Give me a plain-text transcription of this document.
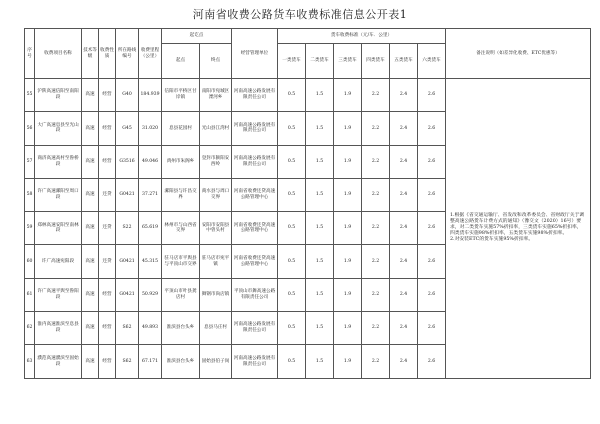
河南省收费公路货车收费标准信息公开表1
序号	收费项目名称	技术等级	收费性质	所在路线编号	收费里程（公里）	起讫点		经营管理单位	货车收费标准（元/车．公里）						备注说明（如差异化收费、ETC优惠等）
						起点	终点		一类货车	二类货车	三类货车	四类货车	五类货车	六类货车	
55	沪陕高速信阳至南阳段	高速	经营	G40	184.939	信阳市平桥区甘岸镇	南阳市宛城区溧河乡	河南高速公路发展有限责任公司	0.5	1.5	1.9	2.2	2.4	2.6	1.根据《省交通运输厅、省发改和改革委员会、省财政厅关于调整高速公路货车计费方式的通知》（豫交文（2020）16号）要求，对二类货车实施57%折扣率，三类货车实施65%折扣率，四类货车实施98%折扣率，五类货车实施98%折扣率。
2.对安装ETC的货车实施95%折扣率。

56	大广高速息县至光山段	高速	经营	G45	31.020	息县花园村	光山县江湾村	河南高速公路发展有限责任公司	0.5	1.5	1.9	2.2	2.4	2.6	
57	商济高速高村至鲁桥段	高速	经营	G3516	49.046	禹州市朱阁乡	登封市颍阳安西岭	河南高速公路发展有限责任公司	0.5	1.5	1.9	2.2	2.4	2.6	
58	许广高速漯阳至周口段	高速	还贷	G0421	37.271	漯阳县与许昌交界	商水县与周口交界	河南省收费还贷高速公路管理中心	0.5	1.5	1.9	2.2	2.4	2.6	
59	郑林高速安阳至南林段	高速	还贷	S22	65.619	林州市与山西省交界	安阳市安阳县中曾头村	河南省收费还贷高速公路管理中心	0.5	1.5	1.9	2.2	2.4	2.6	
60	许广高速宛阳段	高速	还贷	G0421	45.315	驻马店市平舆县与平顶山市交界	驻马店市宛平镇	河南省收费还贷高速公路管理中心	0.5	1.5	1.9	2.2	2.4	2.6	
61	许广高速平舆至鲁阳段	高速	经营	G0421	50.929	平顶山市叶县龚店村	舞钢市尚店镇	平顶山市舞高速公路有限责任公司	0.5	1.5	1.9	2.2	2.4	2.6	
62	淮内高速淮滨至息县段	高速	经营	S62	49.893	淮滨县台头乡	息县马庄村	河南高速公路发展有限责任公司	0.5	1.5	1.9	2.2	2.4	2.6	
63	濮范高速濮滨至固始段	高速	经营	S62	67.171	淮滨县台头乡	固始县伯子岗	河南高速公路发展有限责任公司	0.5	1.5	1.9	2.2	2.4	2.6	
